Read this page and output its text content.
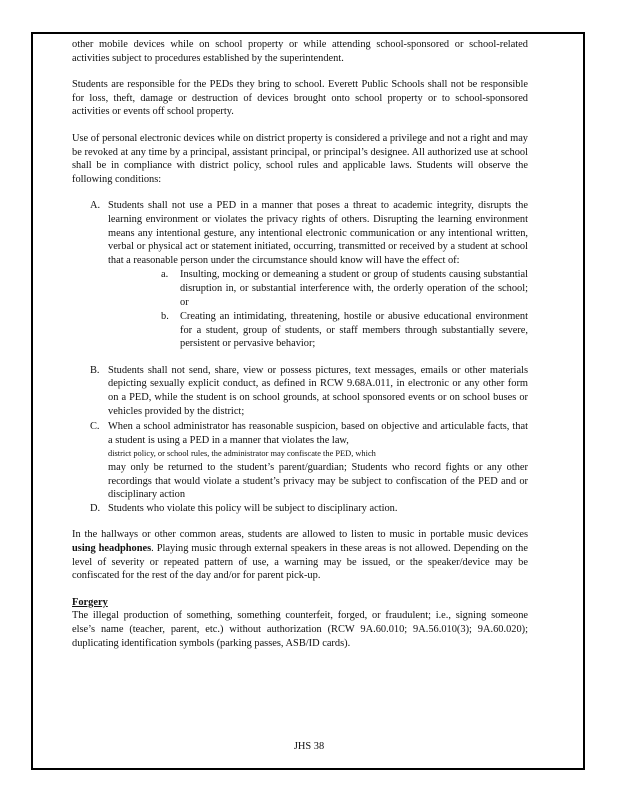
other mobile devices while on school property or while attending school-sponsored or school-related activities subject to procedures established by the superintendent.

Students are responsible for the PEDs they bring to school. Everett Public Schools shall not be responsible for loss, theft, damage or destruction of devices brought onto school property or to school-sponsored activities or events off school property.

Use of personal electronic devices while on district property is considered a privilege and not a right and may be revoked at any time by a principal, assistant principal, or principal’s designee. All authorized use at school shall be in compliance with district policy, school rules and applicable laws. Students will observe the following conditions:

A. Students shall not use a PED in a manner that poses a threat to academic integrity, disrupts the learning environment or violates the privacy rights of others. Disrupting the learning environment means any intentional gesture, any intentional electronic communication or any intentional written, verbal or physical act or statement initiated, occurring, transmitted or received by a student at school that a reasonable person under the circumstance should know will have the effect of:

a. Insulting, mocking or demeaning a student or group of students causing substantial disruption in, or substantial interference with, the orderly operation of the school; or

b. Creating an intimidating, threatening, hostile or abusive educational environment for a student, group of students, or staff members through substantially severe, persistent or pervasive behavior;

B. Students shall not send, share, view or possess pictures, text messages, emails or other materials depicting sexually explicit conduct, as defined in RCW 9.68A.011, in electronic or any other form on a PED, while the student is on school grounds, at school sponsored events or on school buses or vehicles provided by the district;

C. When a school administrator has reasonable suspicion, based on objective and articulable facts, that a student is using a PED in a manner that violates the law,

district policy, or school rules, the administrator may confiscate the PED, which

may only be returned to the student’s parent/guardian; Students who record fights or any other recordings that would violate a student’s privacy may be subject to confiscation of the PED and or disciplinary action

D. Students who violate this policy will be subject to disciplinary action.

In the hallways or other common areas, students are allowed to listen to music in portable music devices using headphones. Playing music through external speakers in these areas is not allowed. Depending on the level of severity or repeated pattern of use, a warning may be issued, or the speaker/device may be confiscated for the rest of the day and/or for parent pick-up.

Forgery

The illegal production of something, something counterfeit, forged, or fraudulent; i.e., signing someone else’s name (teacher, parent, etc.) without authorization (RCW 9A.60.010; 9A.56.010(3); 9A.60.020); duplicating identification symbols (parking passes, ASB/ID cards).

JHS 38
